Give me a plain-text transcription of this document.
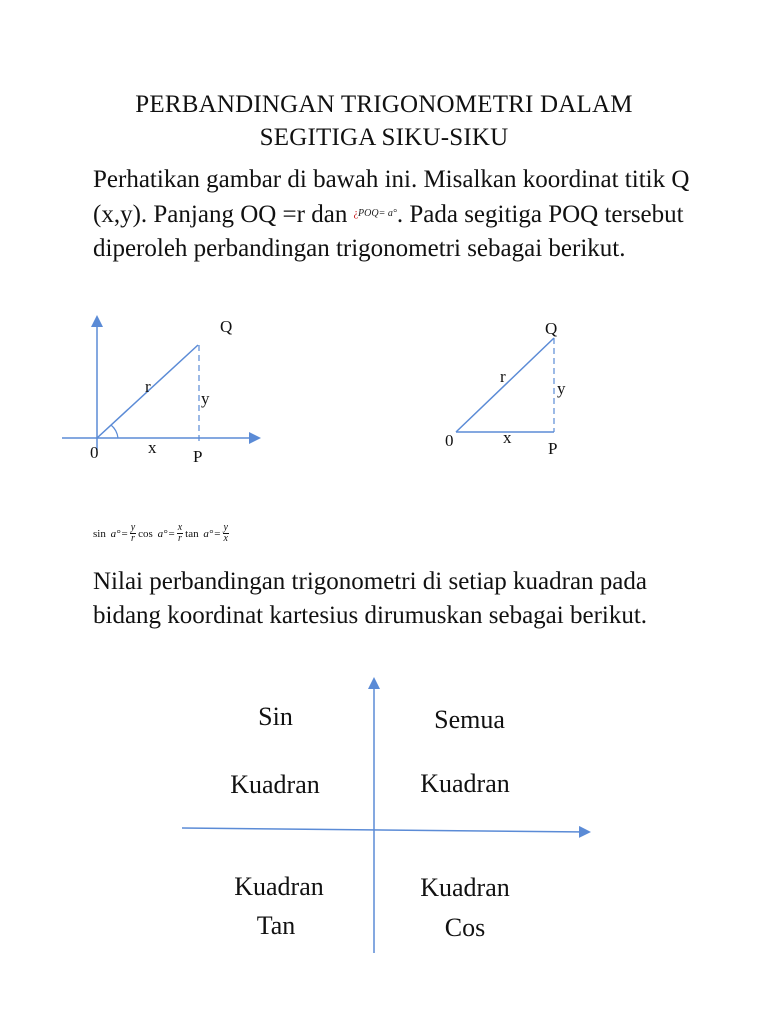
PERBANDINGAN TRIGONOMETRI DALAM
SEGITIGA SIKU-SIKU
Perhatikan gambar di bawah ini. Misalkan koordinat titik Q (x,y). Panjang OQ =r dan $^{¿POQ= a^\circ}$. Pada segitiga POQ tersebut diperoleh perbandingan trigonometri sebagai berikut.
Q
r
y
0	x P
Q
r
y
0	x
P
sin
$a^\circ = \frac{y}{r}$ cos
$a^\circ = \frac{x}{r}$ tan
$a^\circ = \frac{y}{x}$
Nilai perbandingan trigonometri di setiap kuadran pada bidang koordinat kartesius dirumuskan sebagai berikut.
Sin
Kuadran
Semua
Kuadran
Kuadran
Tan
Kuadran
Cos
